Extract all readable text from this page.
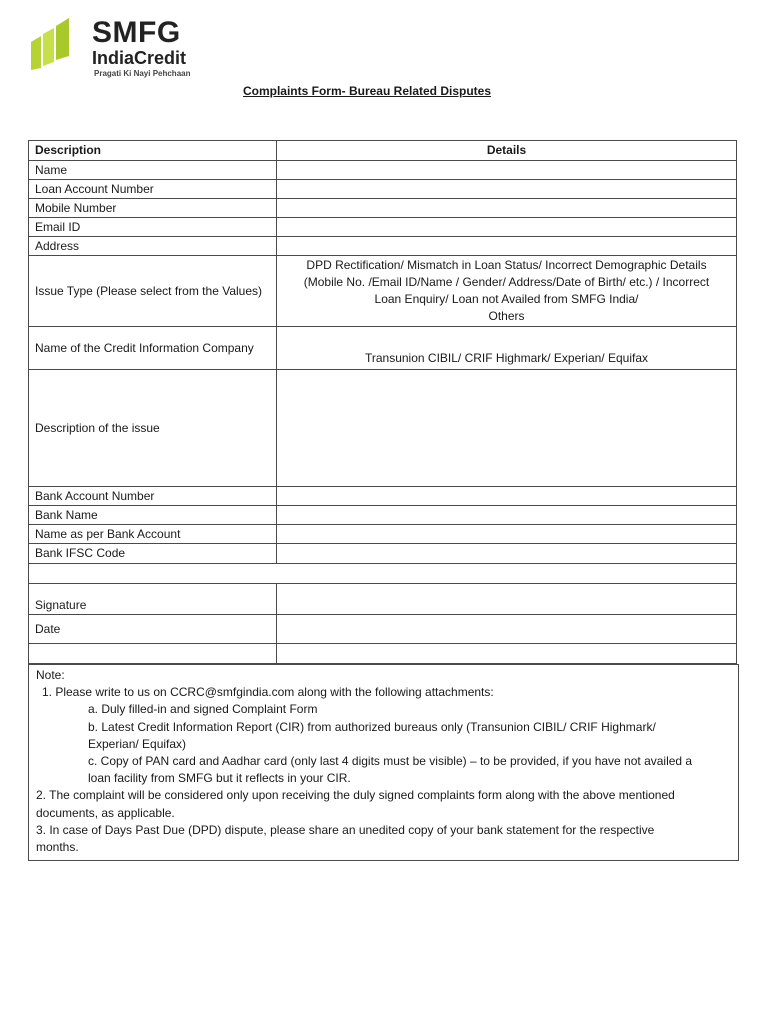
SMFG
IndiaCredit
Pragati Ki Nayi Pehchaan
Complaints Form- Bureau Related Disputes
Description	Details
Name	
Loan Account Number	
Mobile Number	
Email ID	
Address	
Issue Type (Please select from the Values)	DPD Rectification/ Mismatch in Loan Status/ Incorrect Demographic Details
(Mobile No. /Email ID/Name / Gender/ Address/Date of Birth/ etc.) / Incorrect
Loan Enquiry/ Loan not Availed from SMFG India/
Others

Name of the Credit Information Company	Transunion CIBIL/ CRIF Highmark/ Experian/ Equifax
Description of the issue	
Bank Account Number	
Bank Name	
Name as per Bank Account	
Bank IFSC Code	

Signature	
Date	

Note:
1. Please write to us on CCRC@smfgindia.com along with the following attachments:
a. Duly filled-in and signed Complaint Form
b. Latest Credit Information Report (CIR) from authorized bureaus only (Transunion CIBIL/ CRIF Highmark/
Experian/ Equifax)
c. Copy of PAN card and Aadhar card (only last 4 digits must be visible) – to be provided, if you have not availed a
loan facility from SMFG but it reflects in your CIR.
2. The complaint will be considered only upon receiving the duly signed complaints form along with the above mentioned
documents, as applicable.
3. In case of Days Past Due (DPD) dispute, please share an unedited copy of your bank statement for the respective
months.
